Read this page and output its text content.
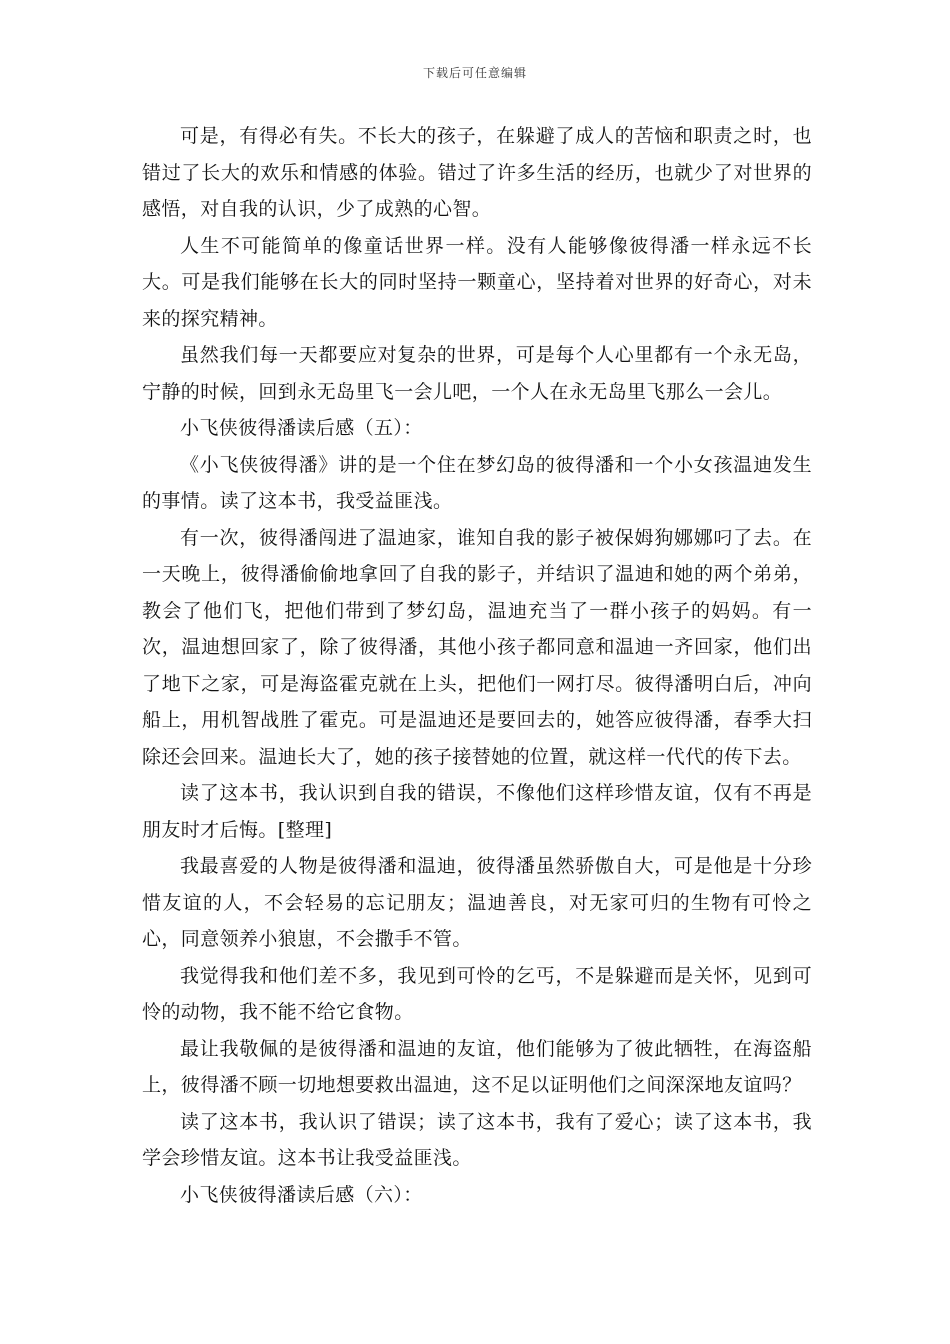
下载后可任意编辑

可是，有得必有失。不长大的孩子，在躲避了成人的苦恼和职责之时，也错过了长大的欢乐和情感的体验。错过了许多生活的经历，也就少了对世界的感悟，对自我的认识，少了成熟的心智。

人生不可能简单的像童话世界一样。没有人能够像彼得潘一样永远不长大。可是我们能够在长大的同时坚持一颗童心，坚持着对世界的好奇心，对未来的探究精神。

虽然我们每一天都要应对复杂的世界，可是每个人心里都有一个永无岛，宁静的时候，回到永无岛里飞一会儿吧，一个人在永无岛里飞那么一会儿。

小飞侠彼得潘读后感（五）：

《小飞侠彼得潘》讲的是一个住在梦幻岛的彼得潘和一个小女孩温迪发生的事情。读了这本书，我受益匪浅。

有一次，彼得潘闯进了温迪家，谁知自我的影子被保姆狗娜娜叼了去。在一天晚上，彼得潘偷偷地拿回了自我的影子，并结识了温迪和她的两个弟弟，教会了他们飞，把他们带到了梦幻岛，温迪充当了一群小孩子的妈妈。有一次，温迪想回家了，除了彼得潘，其他小孩子都同意和温迪一齐回家，他们出了地下之家，可是海盗霍克就在上头，把他们一网打尽。彼得潘明白后，冲向船上，用机智战胜了霍克。可是温迪还是要回去的，她答应彼得潘，春季大扫除还会回来。温迪长大了，她的孩子接替她的位置，就这样一代代的传下去。

读了这本书，我认识到自我的错误，不像他们这样珍惜友谊，仅有不再是朋友时才后悔。[整理]

我最喜爱的人物是彼得潘和温迪，彼得潘虽然骄傲自大，可是他是十分珍惜友谊的人，不会轻易的忘记朋友；温迪善良，对无家可归的生物有可怜之心，同意领养小狼崽，不会撒手不管。

我觉得我和他们差不多，我见到可怜的乞丐，不是躲避而是关怀，见到可怜的动物，我不能不给它食物。

最让我敬佩的是彼得潘和温迪的友谊，他们能够为了彼此牺牲，在海盗船上，彼得潘不顾一切地想要救出温迪，这不足以证明他们之间深深地友谊吗？

读了这本书，我认识了错误；读了这本书，我有了爱心；读了这本书，我学会珍惜友谊。这本书让我受益匪浅。

小飞侠彼得潘读后感（六）：
